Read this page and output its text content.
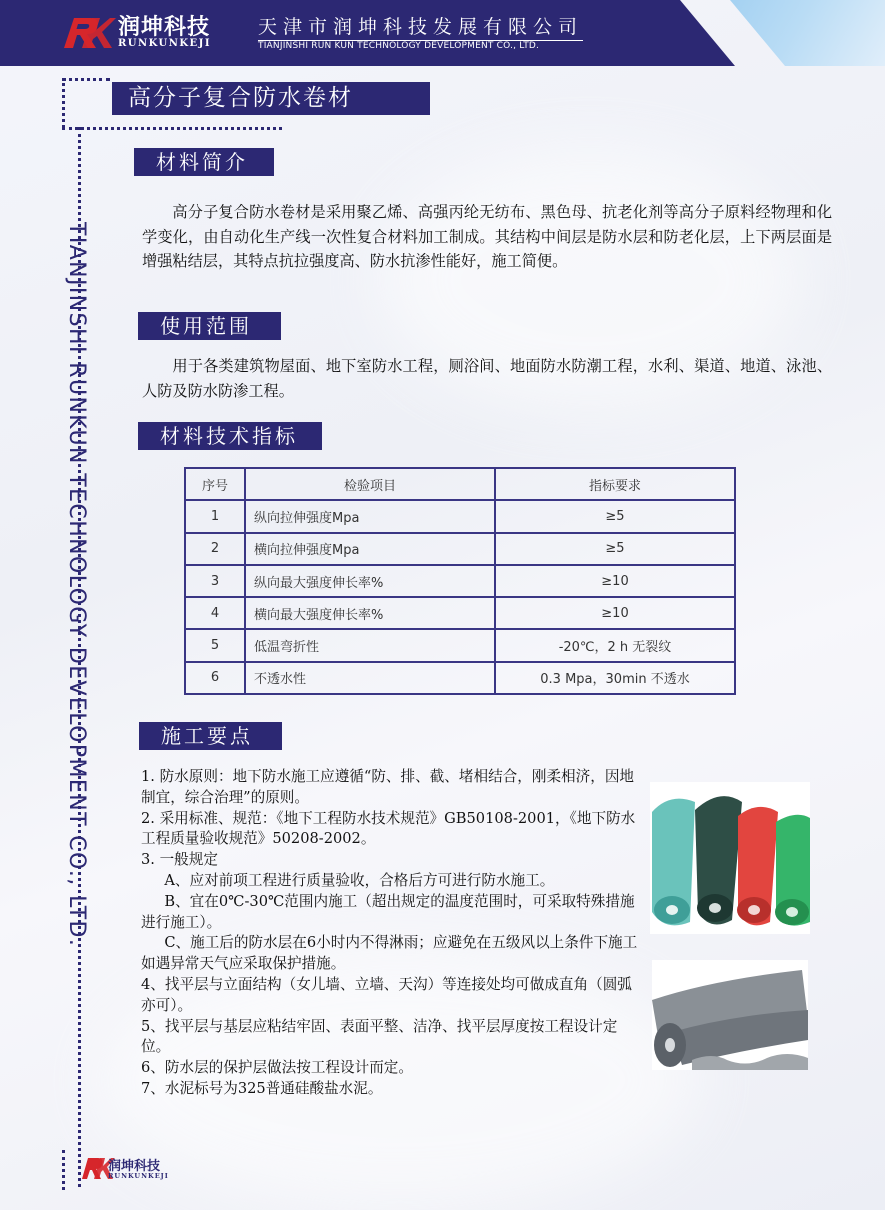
润坤科技
RUNKUNKEJI
天津市润坤科技发展有限公司
TIANJINSHI RUN KUN TECHNOLOGY DEVELOPMENT CO., LTD.
TIANJINSHI RUNKUN TECHNOLOGY DEVELOPMENT CO., LTD.
高分子复合防水卷材
材料简介

高分子复合防水卷材是采用聚乙烯、高强丙纶无纺布、黑色母、抗老化剂等高分子原料经物理和化学变化，由自动化生产线一次性复合材料加工制成。其结构中间层是防水层和防老化层，上下两层面是增强粘结层，其特点抗拉强度高、防水抗渗性能好，施工简便。

使用范围

用于各类建筑物屋面、地下室防水工程，厕浴间、地面防水防潮工程，水利、渠道、地道、泳池、人防及防水防渗工程。

材料技术指标
序号	检验项目	指标要求
1	纵向拉伸强度Mpa	≥5
2	横向拉伸强度Mpa	≥5
3	纵向最大强度伸长率%	≥10
4	横向最大强度伸长率%	≥10
5	低温弯折性	-20℃，2 h 无裂纹
6	不透水性	0.3 Mpa，30min 不透水
施工要点

1. 防水原则：地下防水施工应遵循“防、排、截、堵相结合，刚柔相济，因地制宜，综合治理”的原则。

2. 采用标准、规范：《地下工程防水技术规范》GB50108-2001，《地下防水工程质量验收规范》50208-2002。

3. 一般规定

A、应对前项工程进行质量验收，合格后方可进行防水施工。

B、宜在0℃-30℃范围内施工（超出规定的温度范围时，可采取特殊措施进行施工）。

C、施工后的防水层在6小时内不得淋雨；应避免在五级风以上条件下施工如遇异常天气应采取保护措施。

4、找平层与立面结构（女儿墙、立墙、天沟）等连接处均可做成直角（圆弧亦可）。

5、找平层与基层应粘结牢固、表面平整、洁净、找平层厚度按工程设计定位。

6、防水层的保护层做法按工程设计而定。

7、水泥标号为325普通硅酸盐水泥。

润坤科技
RUNKUNKEJI
